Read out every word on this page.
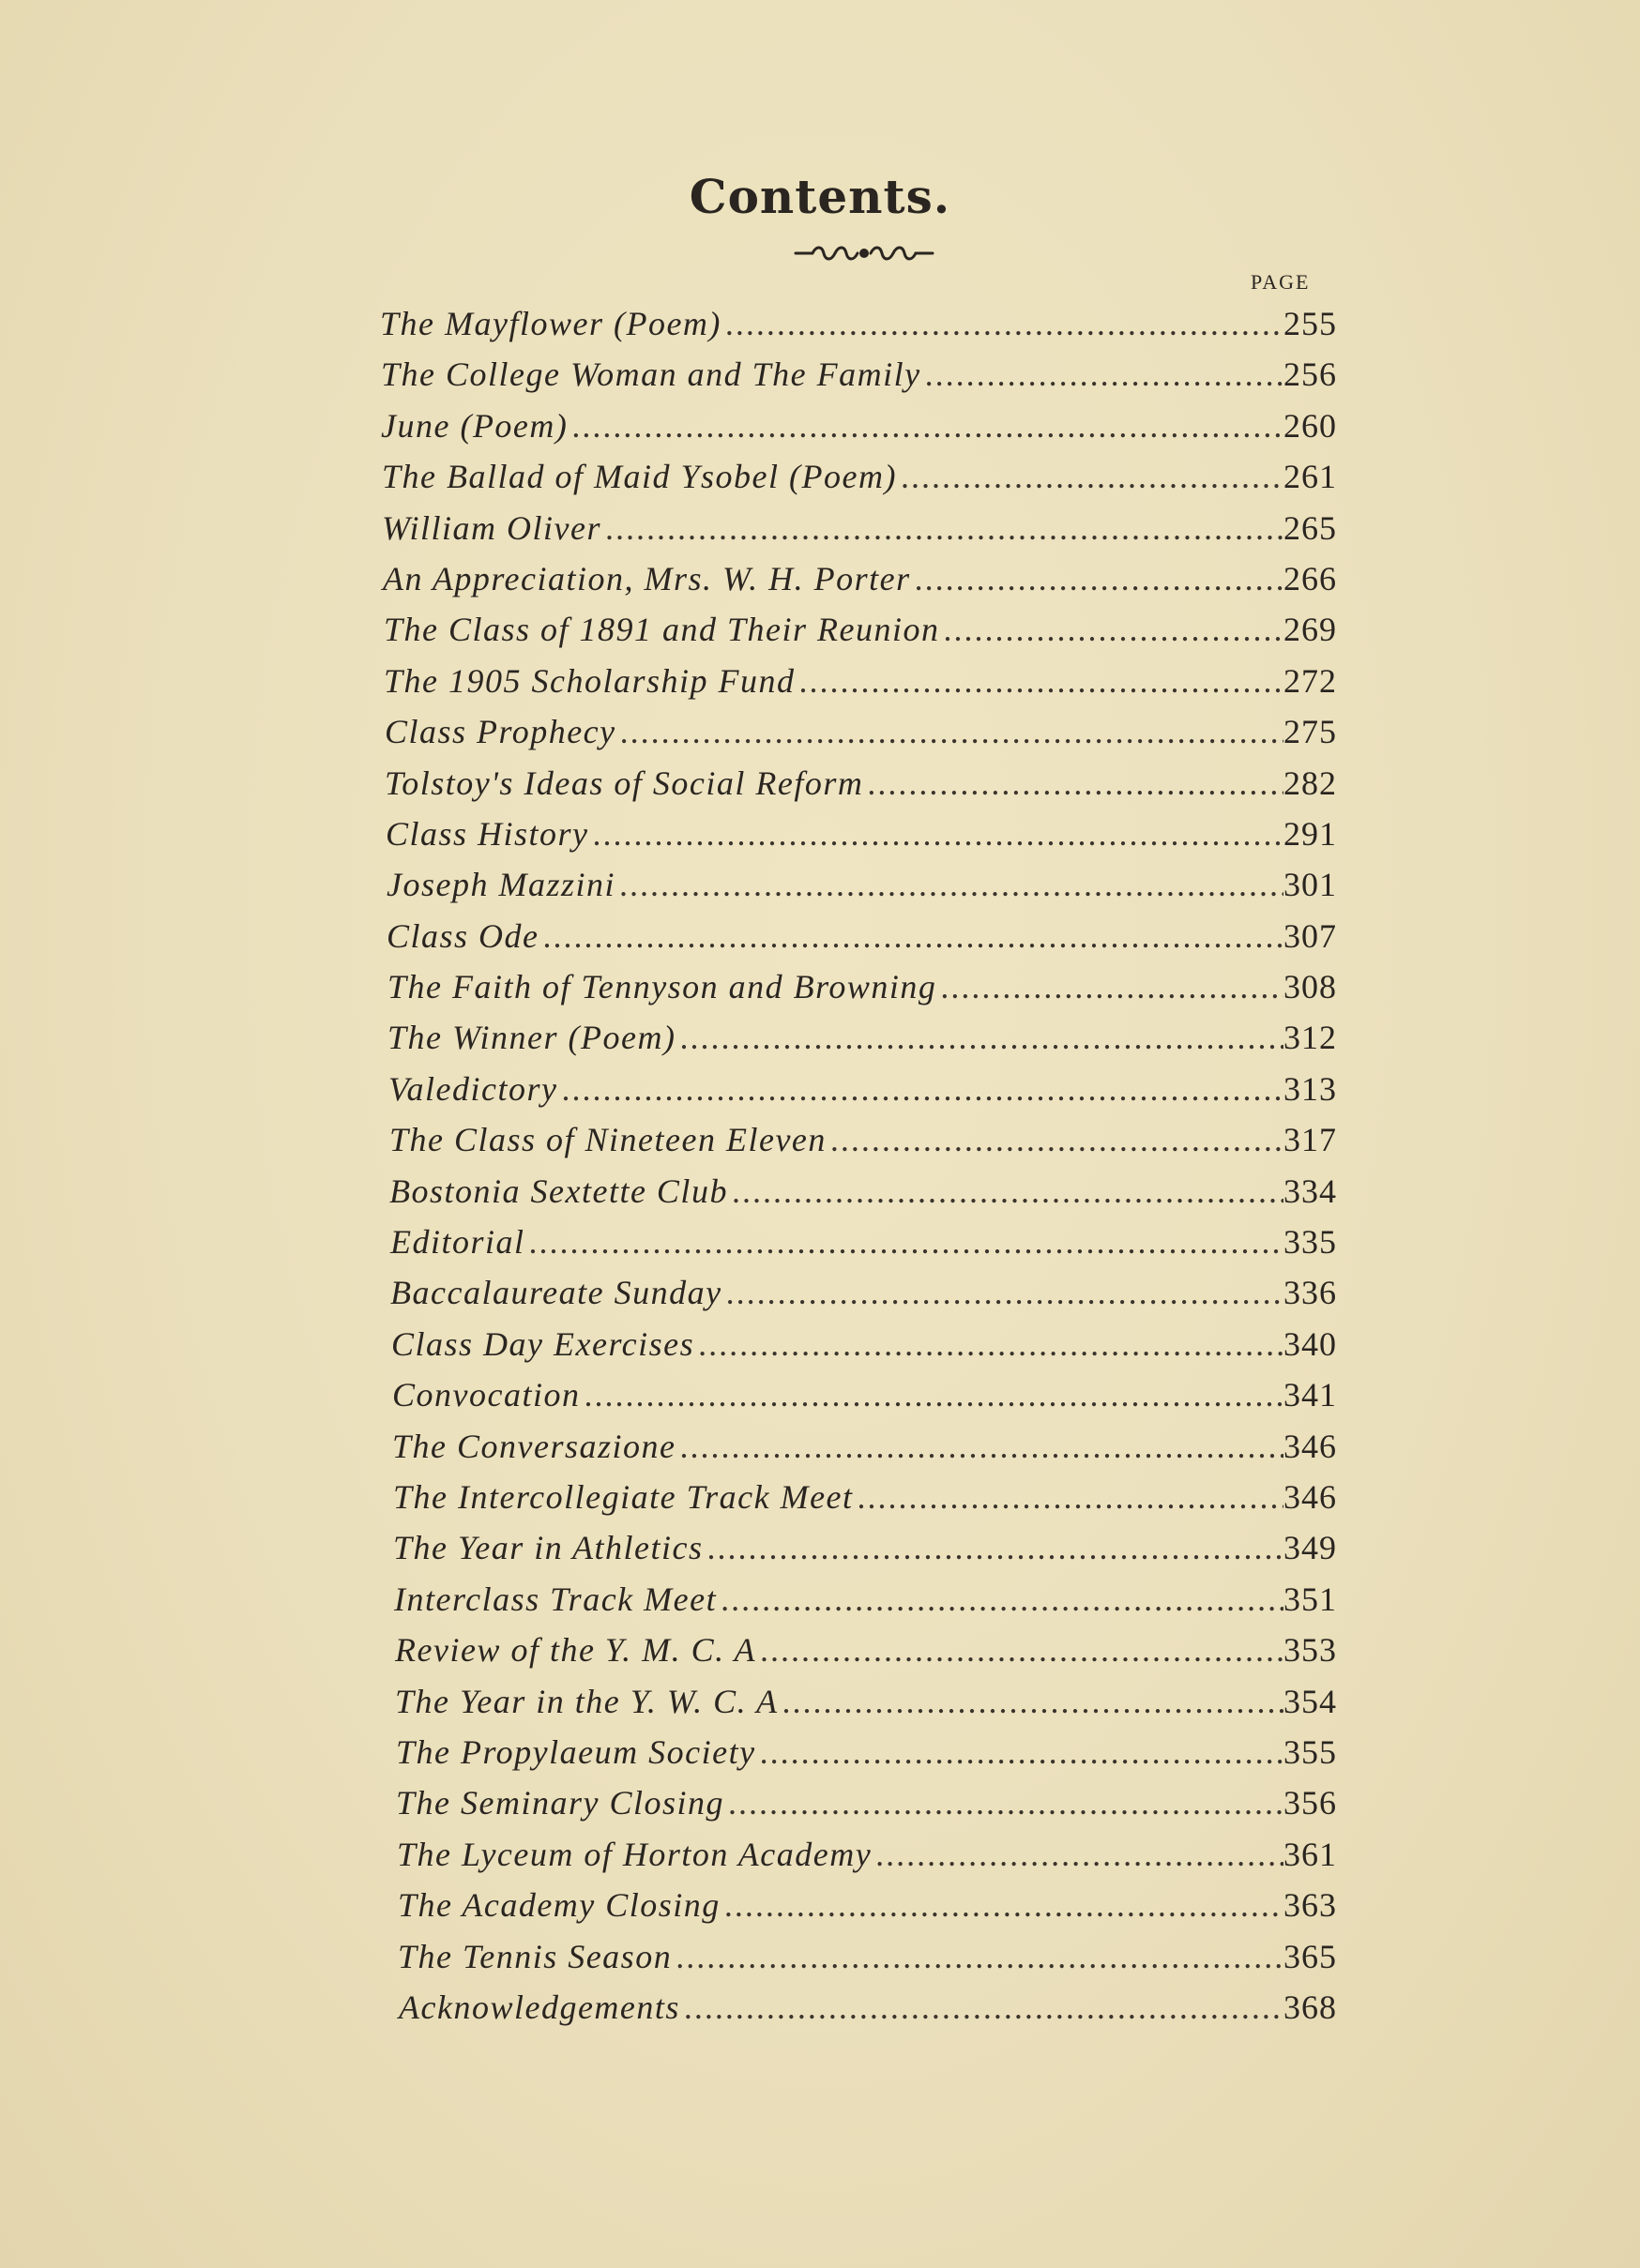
Contents.
PAGE
The Mayflower (Poem) .....	255
The College Woman and The Family .....	256
June (Poem) .....	260
The Ballad of Maid Ysobel (Poem) .....	261
William Oliver .....	265
An Appreciation, Mrs. W. H. Porter .....	266
The Class of 1891 and Their Reunion .....	269
The 1905 Scholarship Fund .....	272
Class Prophecy .....	275
Tolstoy's Ideas of Social Reform .....	282
Class History .....	291
Joseph Mazzini .....	301
Class Ode .....	307
The Faith of Tennyson and Browning .....	308
The Winner (Poem) .....	312
Valedictory .....	313
The Class of Nineteen Eleven .....	317
Bostonia Sextette Club .....	334
Editorial .....	335
Baccalaureate Sunday .....	336
Class Day Exercises .....	340
Convocation .....	341
The Conversazione .....	346
The Intercollegiate Track Meet .....	346
The Year in Athletics .....	349
Interclass Track Meet .....	351
Review of the Y. M. C. A .....	353
The Year in the Y. W. C. A .....	354
The Propylaeum Society .....	355
The Seminary Closing .....	356
The Lyceum of Horton Academy .....	361
The Academy Closing .....	363
The Tennis Season .....	365
Acknowledgements .....	368
